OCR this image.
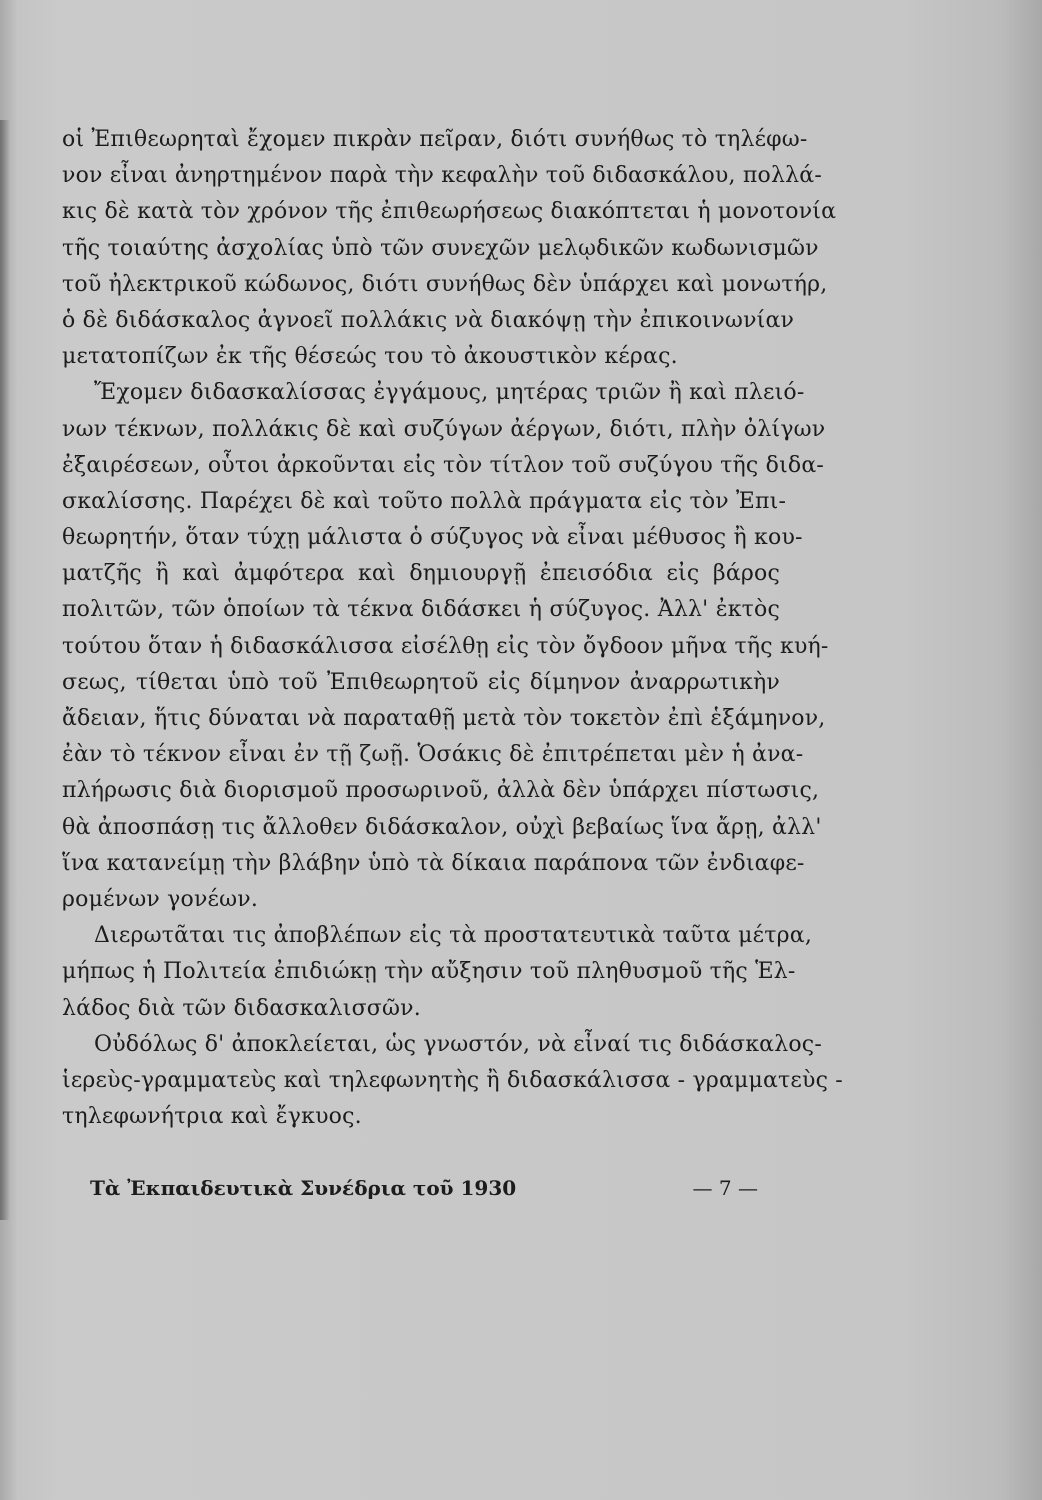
οἱ Ἐπιθεωρηταὶ ἔχομεν πικρὰν πεῖραν, διότι συνήθως τὸ τηλέφω-
νον εἶναι ἀνηρτημένον παρὰ τὴν κεφαλὴν τοῦ διδασκάλου, πολλά-
κις δὲ κατὰ τὸν χρόνον τῆς ἐπιθεωρήσεως διακόπτεται ἡ μονοτονία
τῆς τοιαύτης ἀσχολίας ὑπὸ τῶν συνεχῶν μελῳδικῶν κωδωνισμῶν
τοῦ ἠλεκτρικοῦ κώδωνος, διότι συνήθως δὲν ὑπάρχει καὶ μονωτήρ,
ὁ δὲ διδάσκαλος ἀγνοεῖ πολλάκις νὰ διακόψῃ τὴν ἐπικοινωνίαν
μετατοπίζων ἐκ τῆς θέσεώς του τὸ ἀκουστικὸν κέρας.
Ἔχομεν διδασκαλίσσας ἐγγάμους, μητέρας τριῶν ἢ καὶ πλειό-
νων τέκνων, πολλάκις δὲ καὶ συζύγων ἀέργων, διότι, πλὴν ὀλίγων
ἐξαιρέσεων, οὗτοι ἀρκοῦνται εἰς τὸν τίτλον τοῦ συζύγου τῆς διδα-
σκαλίσσης. Παρέχει δὲ καὶ τοῦτο πολλὰ πράγματα εἰς τὸν Ἐπι-
θεωρητήν, ὅταν τύχῃ μάλιστα ὁ σύζυγος νὰ εἶναι μέθυσος ἢ κου-
ματζῆς ἢ καὶ ἀμφότερα καὶ δημιουργῇ ἐπεισόδια εἰς βάρος
πολιτῶν, τῶν ὁποίων τὰ τέκνα διδάσκει ἡ σύζυγος. Ἀλλ' ἐκτὸς
τούτου ὅταν ἡ διδασκάλισσα εἰσέλθῃ εἰς τὸν ὄγδοον μῆνα τῆς κυή-
σεως, τίθεται ὑπὸ τοῦ Ἐπιθεωρητοῦ εἰς δίμηνον ἀναρρωτικὴν
ἄδειαν, ἥτις δύναται νὰ παραταθῇ μετὰ τὸν τοκετὸν ἐπὶ ἑξάμηνον,
ἐὰν τὸ τέκνον εἶναι ἐν τῇ ζωῇ. Ὁσάκις δὲ ἐπιτρέπεται μὲν ἡ ἀνα-
πλήρωσις διὰ διορισμοῦ προσωρινοῦ, ἀλλὰ δὲν ὑπάρχει πίστωσις,
θὰ ἀποσπάσῃ τις ἄλλοθεν διδάσκαλον, οὐχὶ βεβαίως ἵνα ἄρῃ, ἀλλ'
ἵνα κατανείμῃ τὴν βλάβην ὑπὸ τὰ δίκαια παράπονα τῶν ἐνδιαφε-
ρομένων γονέων.
Διερωτᾶται τις ἀποβλέπων εἰς τὰ προστατευτικὰ ταῦτα μέτρα,
μήπως ἡ Πολιτεία ἐπιδιώκῃ τὴν αὔξησιν τοῦ πληθυσμοῦ τῆς Ἑλ-
λάδος διὰ τῶν διδασκαλισσῶν.
Οὐδόλως δ' ἀποκλείεται, ὡς γνωστόν, νὰ εἶναί τις διδάσκαλος-
ἱερεὺς-γραμματεὺς καὶ τηλεφωνητὴς ἢ διδασκάλισσα - γραμματεὺς -
τηλεφωνήτρια καὶ ἔγκυος.
Τὰ Ἐκπαιδευτικὰ Συνέδρια τοῦ 1930	— 7 —
